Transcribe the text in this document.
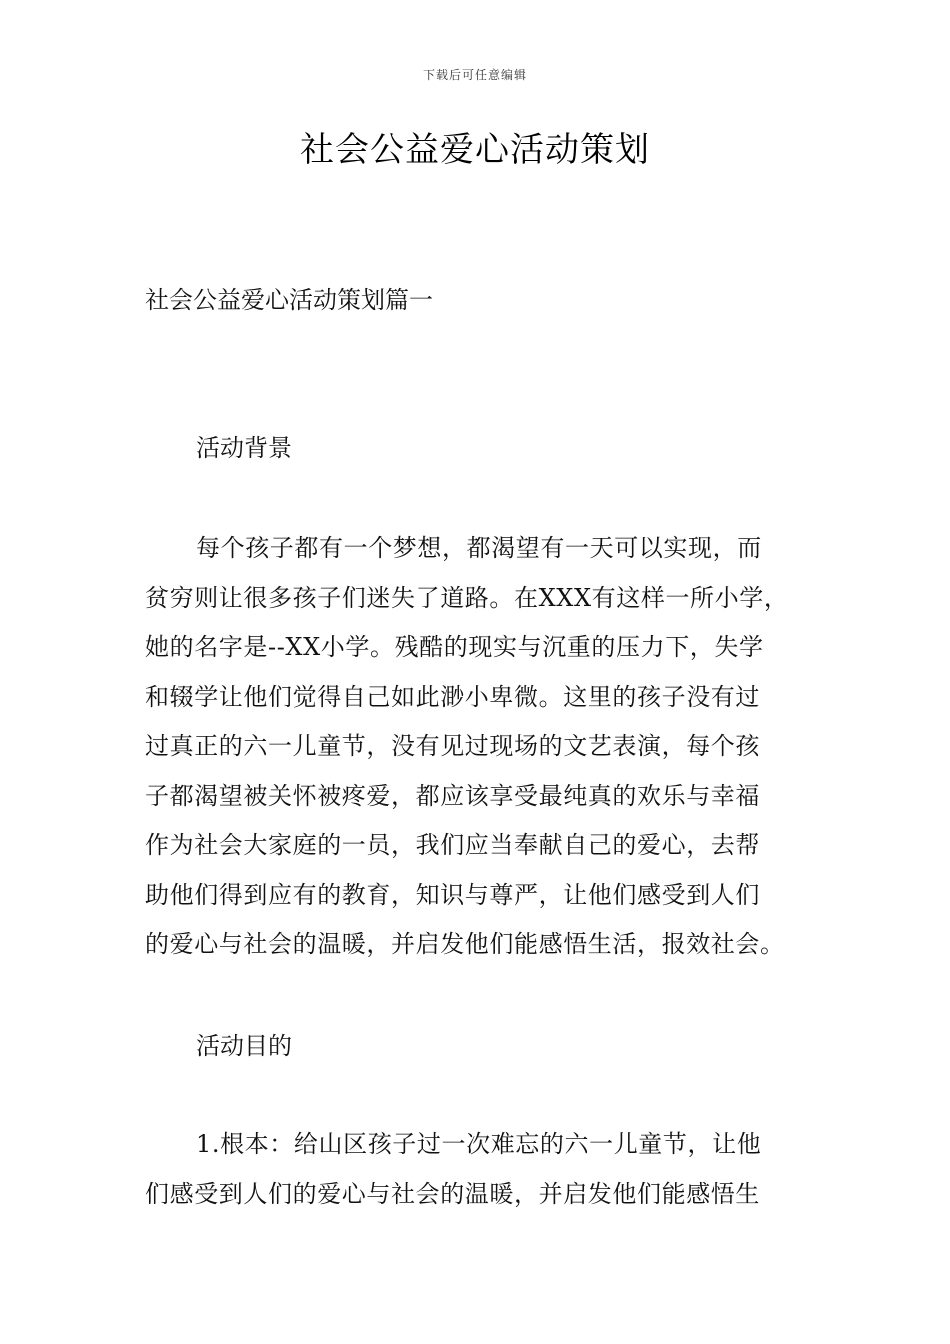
下载后可任意编辑
社会公益爱心活动策划
社会公益爱心活动策划篇一
活动背景
每个孩子都有一个梦想，都渴望有一天可以实现，而
贫穷则让很多孩子们迷失了道路。在XXX有这样一所小学，
她的名字是--XX小学。残酷的现实与沉重的压力下，失学
和辍学让他们觉得自己如此渺小卑微。这里的孩子没有过
过真正的六一儿童节，没有见过现场的文艺表演，每个孩
子都渴望被关怀被疼爱，都应该享受最纯真的欢乐与幸福
作为社会大家庭的一员，我们应当奉献自己的爱心，去帮
助他们得到应有的教育，知识与尊严，让他们感受到人们
的爱心与社会的温暖，并启发他们能感悟生活，报效社会。
活动目的
1.根本：给山区孩子过一次难忘的六一儿童节，让他
们感受到人们的爱心与社会的温暖，并启发他们能感悟生
